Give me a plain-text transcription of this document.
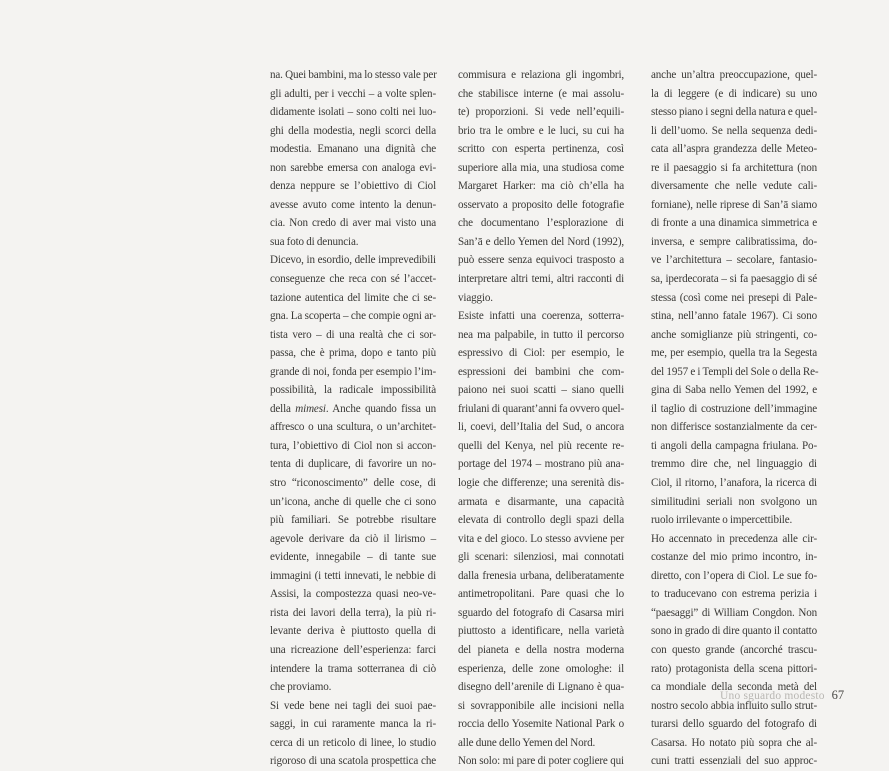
na. Quei bambini, ma lo stesso vale per
gli adulti, per i vecchi – a volte splen-
didamente isolati – sono colti nei luo-
ghi della modestia, negli scorci della
modestia. Emanano una dignità che
non sarebbe emersa con analoga evi-
denza neppure se l’obiettivo di Ciol
avesse avuto come intento la denun-
cia. Non credo di aver mai visto una
sua foto di denuncia.
Dicevo, in esordio, delle imprevedibili
conseguenze che reca con sé l’accet-
tazione autentica del limite che ci se-
gna. La scoperta – che compie ogni ar-
tista vero – di una realtà che ci sor-
passa, che è prima, dopo e tanto più
grande di noi, fonda per esempio l’im-
possibilità, la radicale impossibilità
della mimesi. Anche quando fissa un
affresco o una scultura, o un’architet-
tura, l’obiettivo di Ciol non si accon-
tenta di duplicare, di favorire un no-
stro “riconoscimento” delle cose, di
un’icona, anche di quelle che ci sono
più familiari. Se potrebbe risultare
agevole derivare da ciò il lirismo –
evidente, innegabile – di tante sue
immagini (i tetti innevati, le nebbie di
Assisi, la compostezza quasi neo-ve-
rista dei lavori della terra), la più ri-
levante deriva è piuttosto quella di
una ricreazione dell’esperienza: farci
intendere la trama sotterranea di ciò
che proviamo.
Si vede bene nei tagli dei suoi pae-
saggi, in cui raramente manca la ri-
cerca di un reticolo di linee, lo studio
rigoroso di una scatola prospettica che
commisura e relaziona gli ingombri,
che stabilisce interne (e mai assolu-
te) proporzioni. Si vede nell’equili-
brio tra le ombre e le luci, su cui ha
scritto con esperta pertinenza, così
superiore alla mia, una studiosa come
Margaret Harker: ma ciò ch’ella ha
osservato a proposito delle fotografie
che documentano l’esplorazione di
San’ā e dello Yemen del Nord (1992),
può essere senza equivoci trasposto a
interpretare altri temi, altri racconti di
viaggio.
Esiste infatti una coerenza, sotterra-
nea ma palpabile, in tutto il percorso
espressivo di Ciol: per esempio, le
espressioni dei bambini che com-
paiono nei suoi scatti – siano quelli
friulani di quarant’anni fa ovvero quel-
li, coevi, dell’Italia del Sud, o ancora
quelli del Kenya, nel più recente re-
portage del 1974 – mostrano più ana-
logie che differenze; una serenità dis-
armata e disarmante, una capacità
elevata di controllo degli spazi della
vita e del gioco. Lo stesso avviene per
gli scenari: silenziosi, mai connotati
dalla frenesia urbana, deliberatamente
antimetropolitani. Pare quasi che lo
sguardo del fotografo di Casarsa miri
piuttosto a identificare, nella varietà
del pianeta e della nostra moderna
esperienza, delle zone omologhe: il
disegno dell’arenile di Lignano è qua-
si sovrapponibile alle incisioni nella
roccia dello Yosemite National Park o
alle dune dello Yemen del Nord.
Non solo: mi pare di poter cogliere qui
anche un’altra preoccupazione, quel-
la di leggere (e di indicare) su uno
stesso piano i segni della natura e quel-
li dell’uomo. Se nella sequenza dedi-
cata all’aspra grandezza delle Meteo-
re il paesaggio si fa architettura (non
diversamente che nelle vedute cali-
forniane), nelle riprese di San’ā siamo
di fronte a una dinamica simmetrica e
inversa, e sempre calibratissima, do-
ve l’architettura – secolare, fantasio-
sa, iperdecorata – si fa paesaggio di sé
stessa (così come nei presepi di Pale-
stina, nell’anno fatale 1967). Ci sono
anche somiglianze più stringenti, co-
me, per esempio, quella tra la Segesta
del 1957 e i Templi del Sole o della Re-
gina di Saba nello Yemen del 1992, e
il taglio di costruzione dell’immagine
non differisce sostanzialmente da cer-
ti angoli della campagna friulana. Po-
tremmo dire che, nel linguaggio di
Ciol, il ritorno, l’anafora, la ricerca di
similitudini seriali non svolgono un
ruolo irrilevante o impercettibile.
Ho accennato in precedenza alle cir-
costanze del mio primo incontro, in-
diretto, con l’opera di Ciol. Le sue fo-
to traducevano con estrema perizia i
“paesaggi” di William Congdon. Non
sono in grado di dire quanto il contatto
con questo grande (ancorché trascu-
rato) protagonista della scena pittori-
ca mondiale della seconda metà del
nostro secolo abbia influito sullo strut-
turarsi dello sguardo del fotografo di
Casarsa. Ho notato più sopra che al-
cuni tratti essenziali del suo approc-
Uno sguardo modesto 67
